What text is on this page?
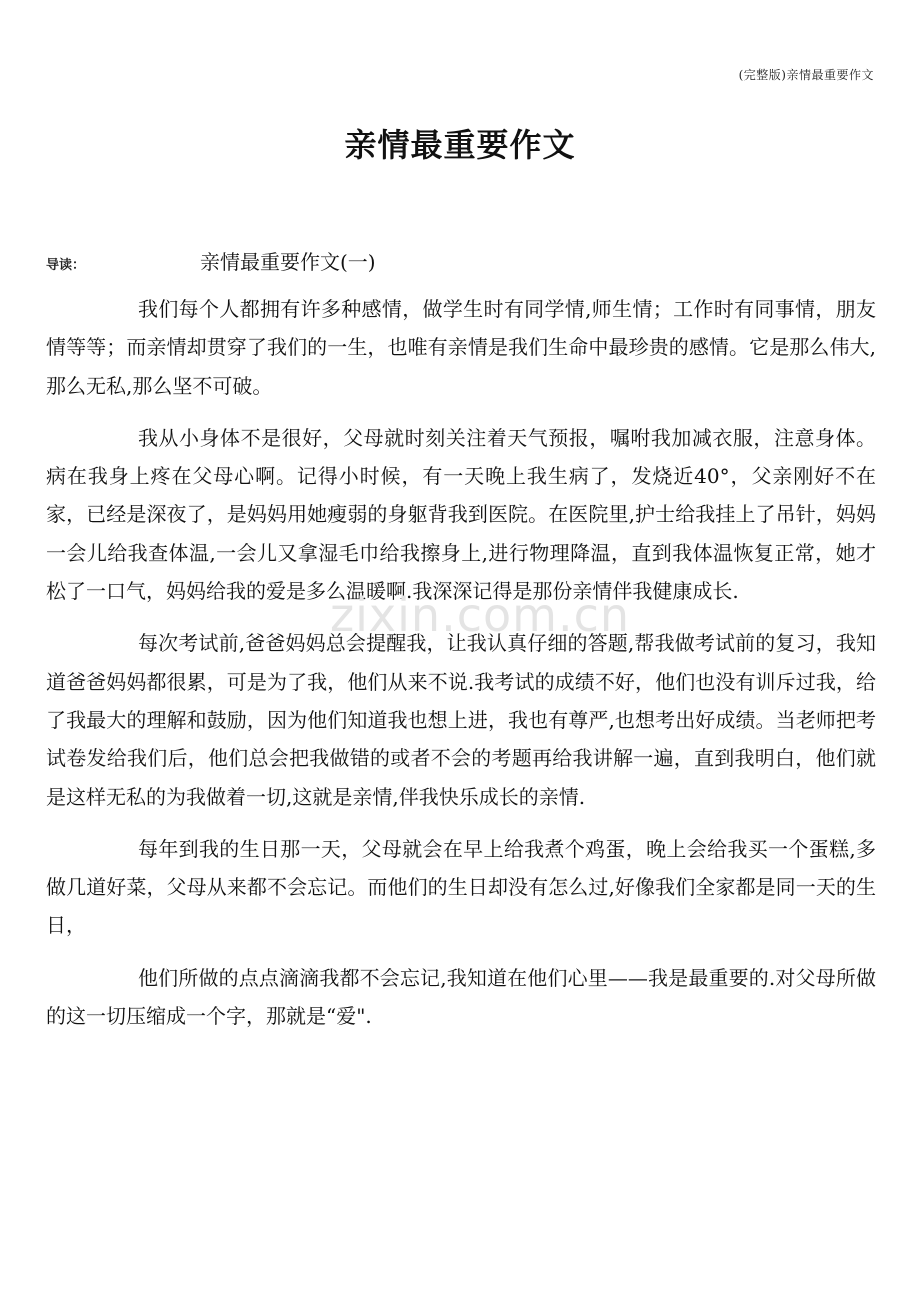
(完整版)亲情最重要作文
亲情最重要作文
导读：	亲情最重要作文(一)

我们每个人都拥有许多种感情，做学生时有同学情,师生情；工作时有同事情，朋友情等等；而亲情却贯穿了我们的一生，也唯有亲情是我们生命中最珍贵的感情。它是那么伟大,那么无私,那么坚不可破。

我从小身体不是很好，父母就时刻关注着天气预报，嘱咐我加减衣服，注意身体。病在我身上疼在父母心啊。记得小时候，有一天晚上我生病了，发烧近40°，父亲刚好不在家，已经是深夜了，是妈妈用她瘦弱的身躯背我到医院。在医院里,护士给我挂上了吊针，妈妈一会儿给我查体温,一会儿又拿湿毛巾给我擦身上,进行物理降温，直到我体温恢复正常，她才松了一口气，妈妈给我的爱是多么温暖啊.我深深记得是那份亲情伴我健康成长.

每次考试前,爸爸妈妈总会提醒我，让我认真仔细的答题,帮我做考试前的复习，我知道爸爸妈妈都很累，可是为了我，他们从来不说.我考试的成绩不好，他们也没有训斥过我，给了我最大的理解和鼓励，因为他们知道我也想上进，我也有尊严,也想考出好成绩。当老师把考试卷发给我们后，他们总会把我做错的或者不会的考题再给我讲解一遍，直到我明白，他们就是这样无私的为我做着一切,这就是亲情,伴我快乐成长的亲情.

每年到我的生日那一天，父母就会在早上给我煮个鸡蛋，晚上会给我买一个蛋糕,多做几道好菜，父母从来都不会忘记。而他们的生日却没有怎么过,好像我们全家都是同一天的生日，

他们所做的点点滴滴我都不会忘记,我知道在他们心里——我是最重要的.对父母所做的这一切压缩成一个字，那就是“爱".

zixin.com.cn
